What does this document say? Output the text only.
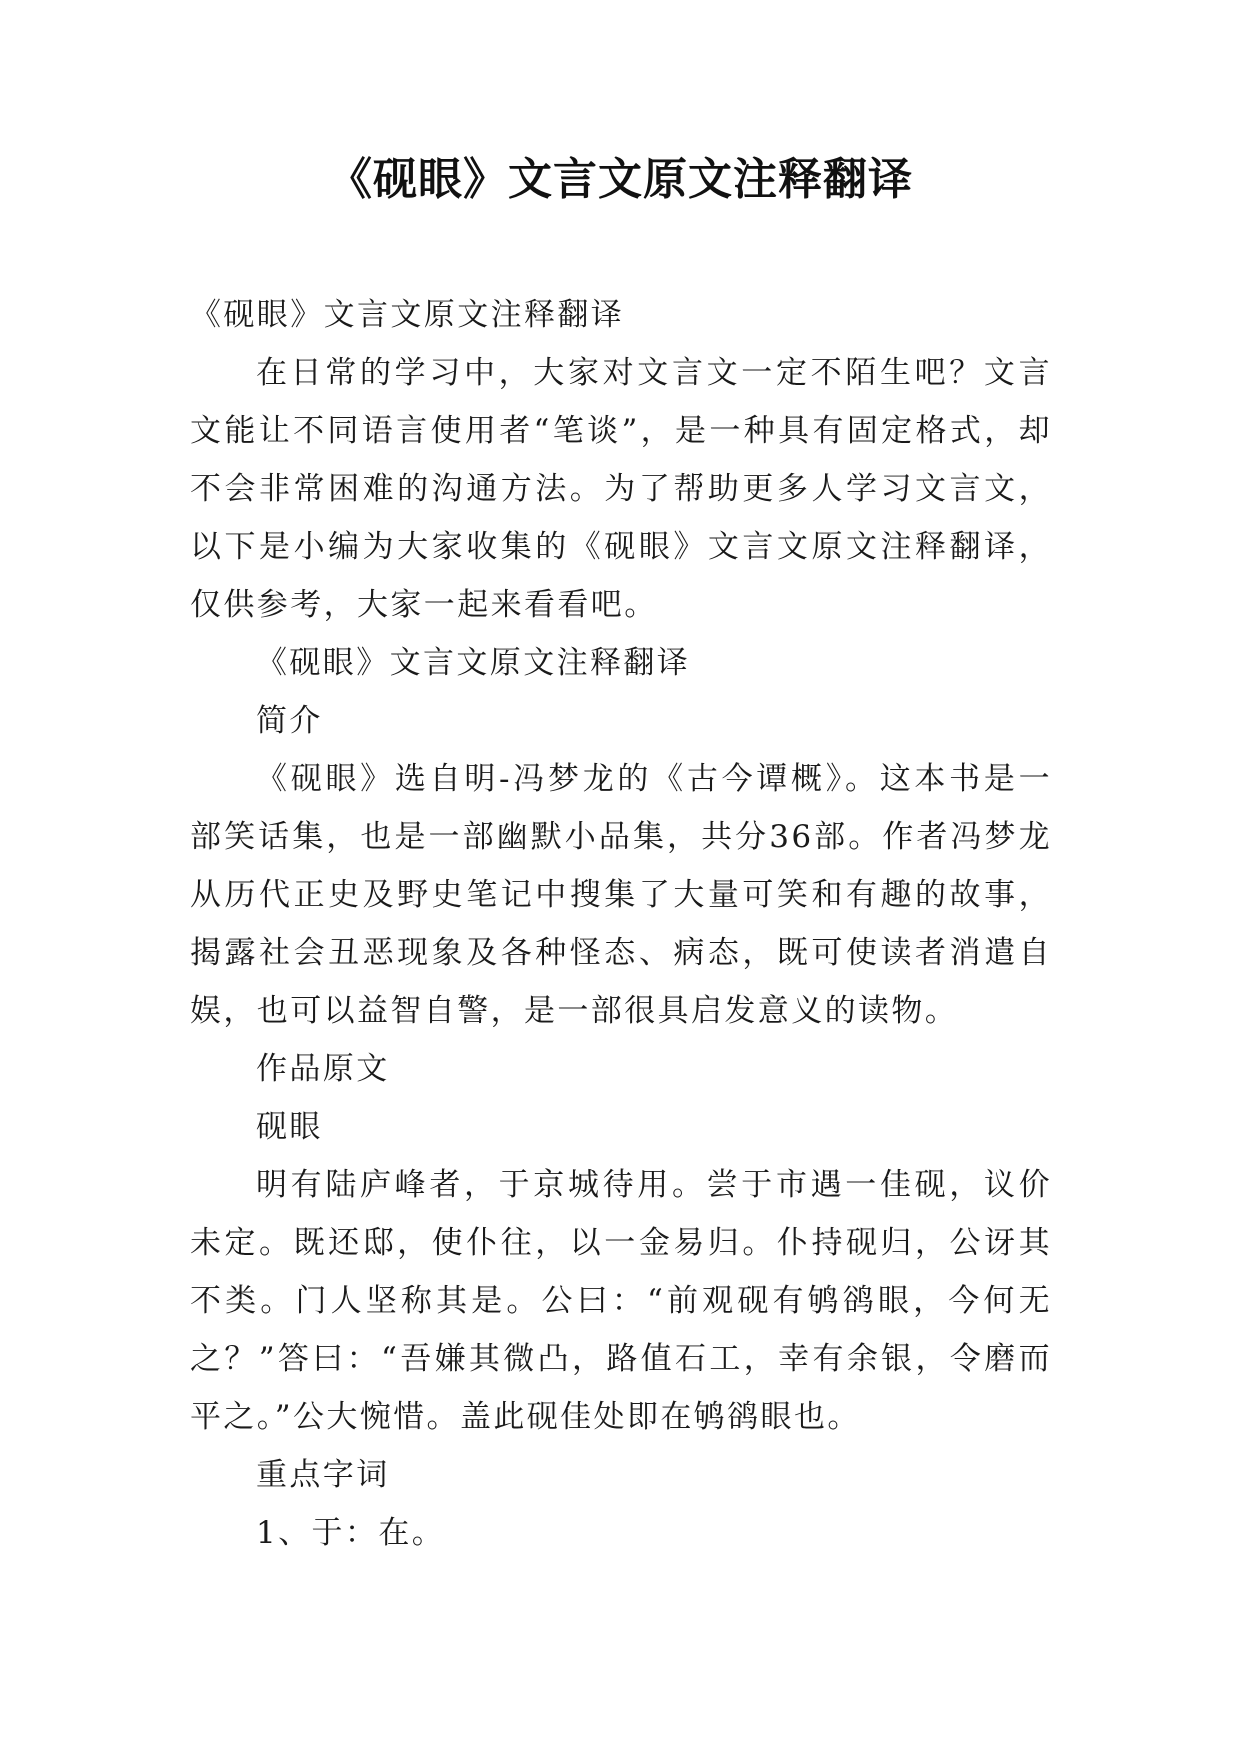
《砚眼》文言文原文注释翻译

《砚眼》文言文原文注释翻译

在日常的学习中，大家对文言文一定不陌生吧？文言文能让不同语言使用者“笔谈”，是一种具有固定格式，却不会非常困难的沟通方法。为了帮助更多人学习文言文，以下是小编为大家收集的《砚眼》文言文原文注释翻译，仅供参考，大家一起来看看吧。

《砚眼》文言文原文注释翻译

简介

《砚眼》选自明-冯梦龙的《古今谭概》。这本书是一部笑话集，也是一部幽默小品集，共分36部。作者冯梦龙从历代正史及野史笔记中搜集了大量可笑和有趣的故事，揭露社会丑恶现象及各种怪态、病态，既可使读者消遣自娱，也可以益智自警，是一部很具启发意义的读物。

作品原文

砚眼

明有陆庐峰者，于京城待用。尝于市遇一佳砚，议价未定。既还邸，使仆往，以一金易归。仆持砚归，公讶其不类。门人坚称其是。公曰：“前观砚有鸲鹆眼，今何无之？”答曰：“吾嫌其微凸，路值石工，幸有余银，令磨而平之。”公大惋惜。盖此砚佳处即在鸲鹆眼也。

重点字词

1、于：在。
